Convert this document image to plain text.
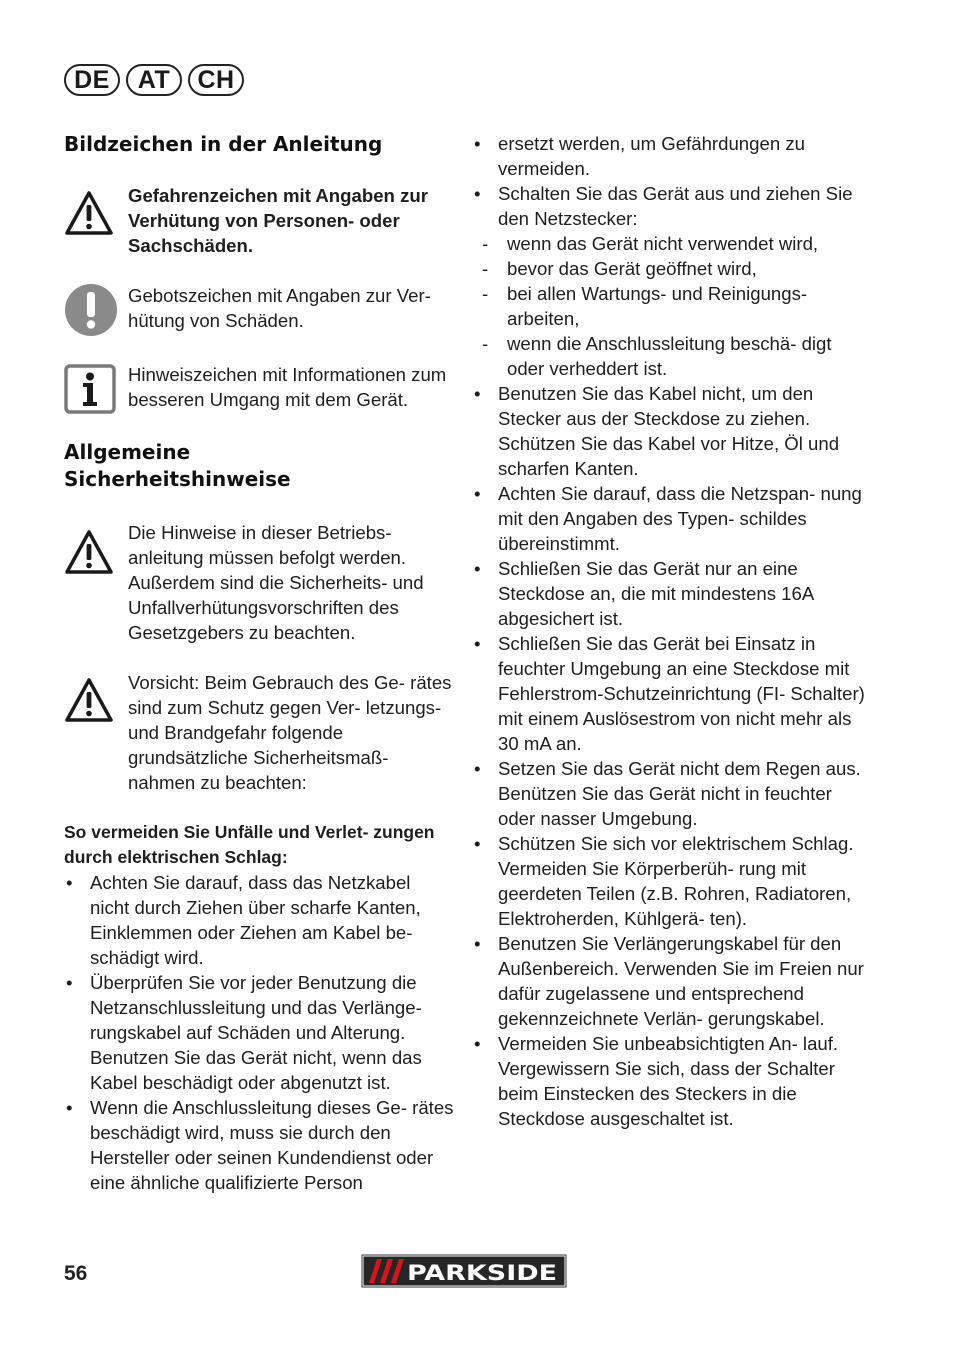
DE	AT	CH
Bildzeichen in der Anleitung
Gefahrenzeichen mit Angaben zur Verhütung von Personen- oder Sachschäden.
Gebotszeichen mit Angaben zur Ver- hütung von Schäden.
Hinweiszeichen mit Informationen zum besseren Umgang mit dem Gerät.
Allgemeine
Sicherheitshinweise
Die Hinweise in dieser Betriebs- anleitung müssen befolgt werden. Außerdem sind die Sicherheits- und Unfallverhütungsvorschriften des Gesetzgebers zu beachten.
Vorsicht: Beim Gebrauch des Ge- rätes sind zum Schutz gegen Ver- letzungs- und Brandgefahr folgende grundsätzliche Sicherheitsmaß- nahmen zu beachten:
So vermeiden Sie Unfälle und Verlet- zungen durch elektrischen Schlag:
• Achten Sie darauf, dass das Netzkabel nicht durch Ziehen über scharfe Kanten, Einklemmen oder Ziehen am Kabel be- schädigt wird.
• Überprüfen Sie vor jeder Benutzung die Netzanschlussleitung und das Verlänge- rungskabel auf Schäden und Alterung. Benutzen Sie das Gerät nicht, wenn das Kabel beschädigt oder abgenutzt ist.
• Wenn die Anschlussleitung dieses Ge- rätes beschädigt wird, muss sie durch den Hersteller oder seinen Kundendienst oder eine ähnliche qualifizierte Person
• ersetzt werden, um Gefährdungen zu vermeiden.
• Schalten Sie das Gerät aus und ziehen Sie den Netzstecker:
- wenn das Gerät nicht verwendet wird,
- bevor das Gerät geöffnet wird,
- bei allen Wartungs- und Reinigungs- arbeiten,
- wenn die Anschlussleitung beschä- digt oder verheddert ist.
• Benutzen Sie das Kabel nicht, um den Stecker aus der Steckdose zu ziehen. Schützen Sie das Kabel vor Hitze, Öl und scharfen Kanten.
• Achten Sie darauf, dass die Netzspan- nung mit den Angaben des Typen- schildes übereinstimmt.
• Schließen Sie das Gerät nur an eine Steckdose an, die mit mindestens 16A abgesichert ist.
• Schließen Sie das Gerät bei Einsatz in feuchter Umgebung an eine Steckdose mit Fehlerstrom-Schutzeinrichtung (FI- Schalter) mit einem Auslösestrom von nicht mehr als 30 mA an.
• Setzen Sie das Gerät nicht dem Regen aus. Benützen Sie das Gerät nicht in feuchter oder nasser Umgebung.
• Schützen Sie sich vor elektrischem Schlag. Vermeiden Sie Körperberüh- rung mit geerdeten Teilen (z.B. Rohren, Radiatoren, Elektroherden, Kühlgerä- ten).
• Benutzen Sie Verlängerungskabel für den Außenbereich. Verwenden Sie im Freien nur dafür zugelassene und entsprechend gekennzeichnete Verlän- gerungskabel.
• Vermeiden Sie unbeabsichtigten An- lauf. Vergewissern Sie sich, dass der Schalter beim Einstecken des Steckers in die Steckdose ausgeschaltet ist.
56	PARKSIDE
